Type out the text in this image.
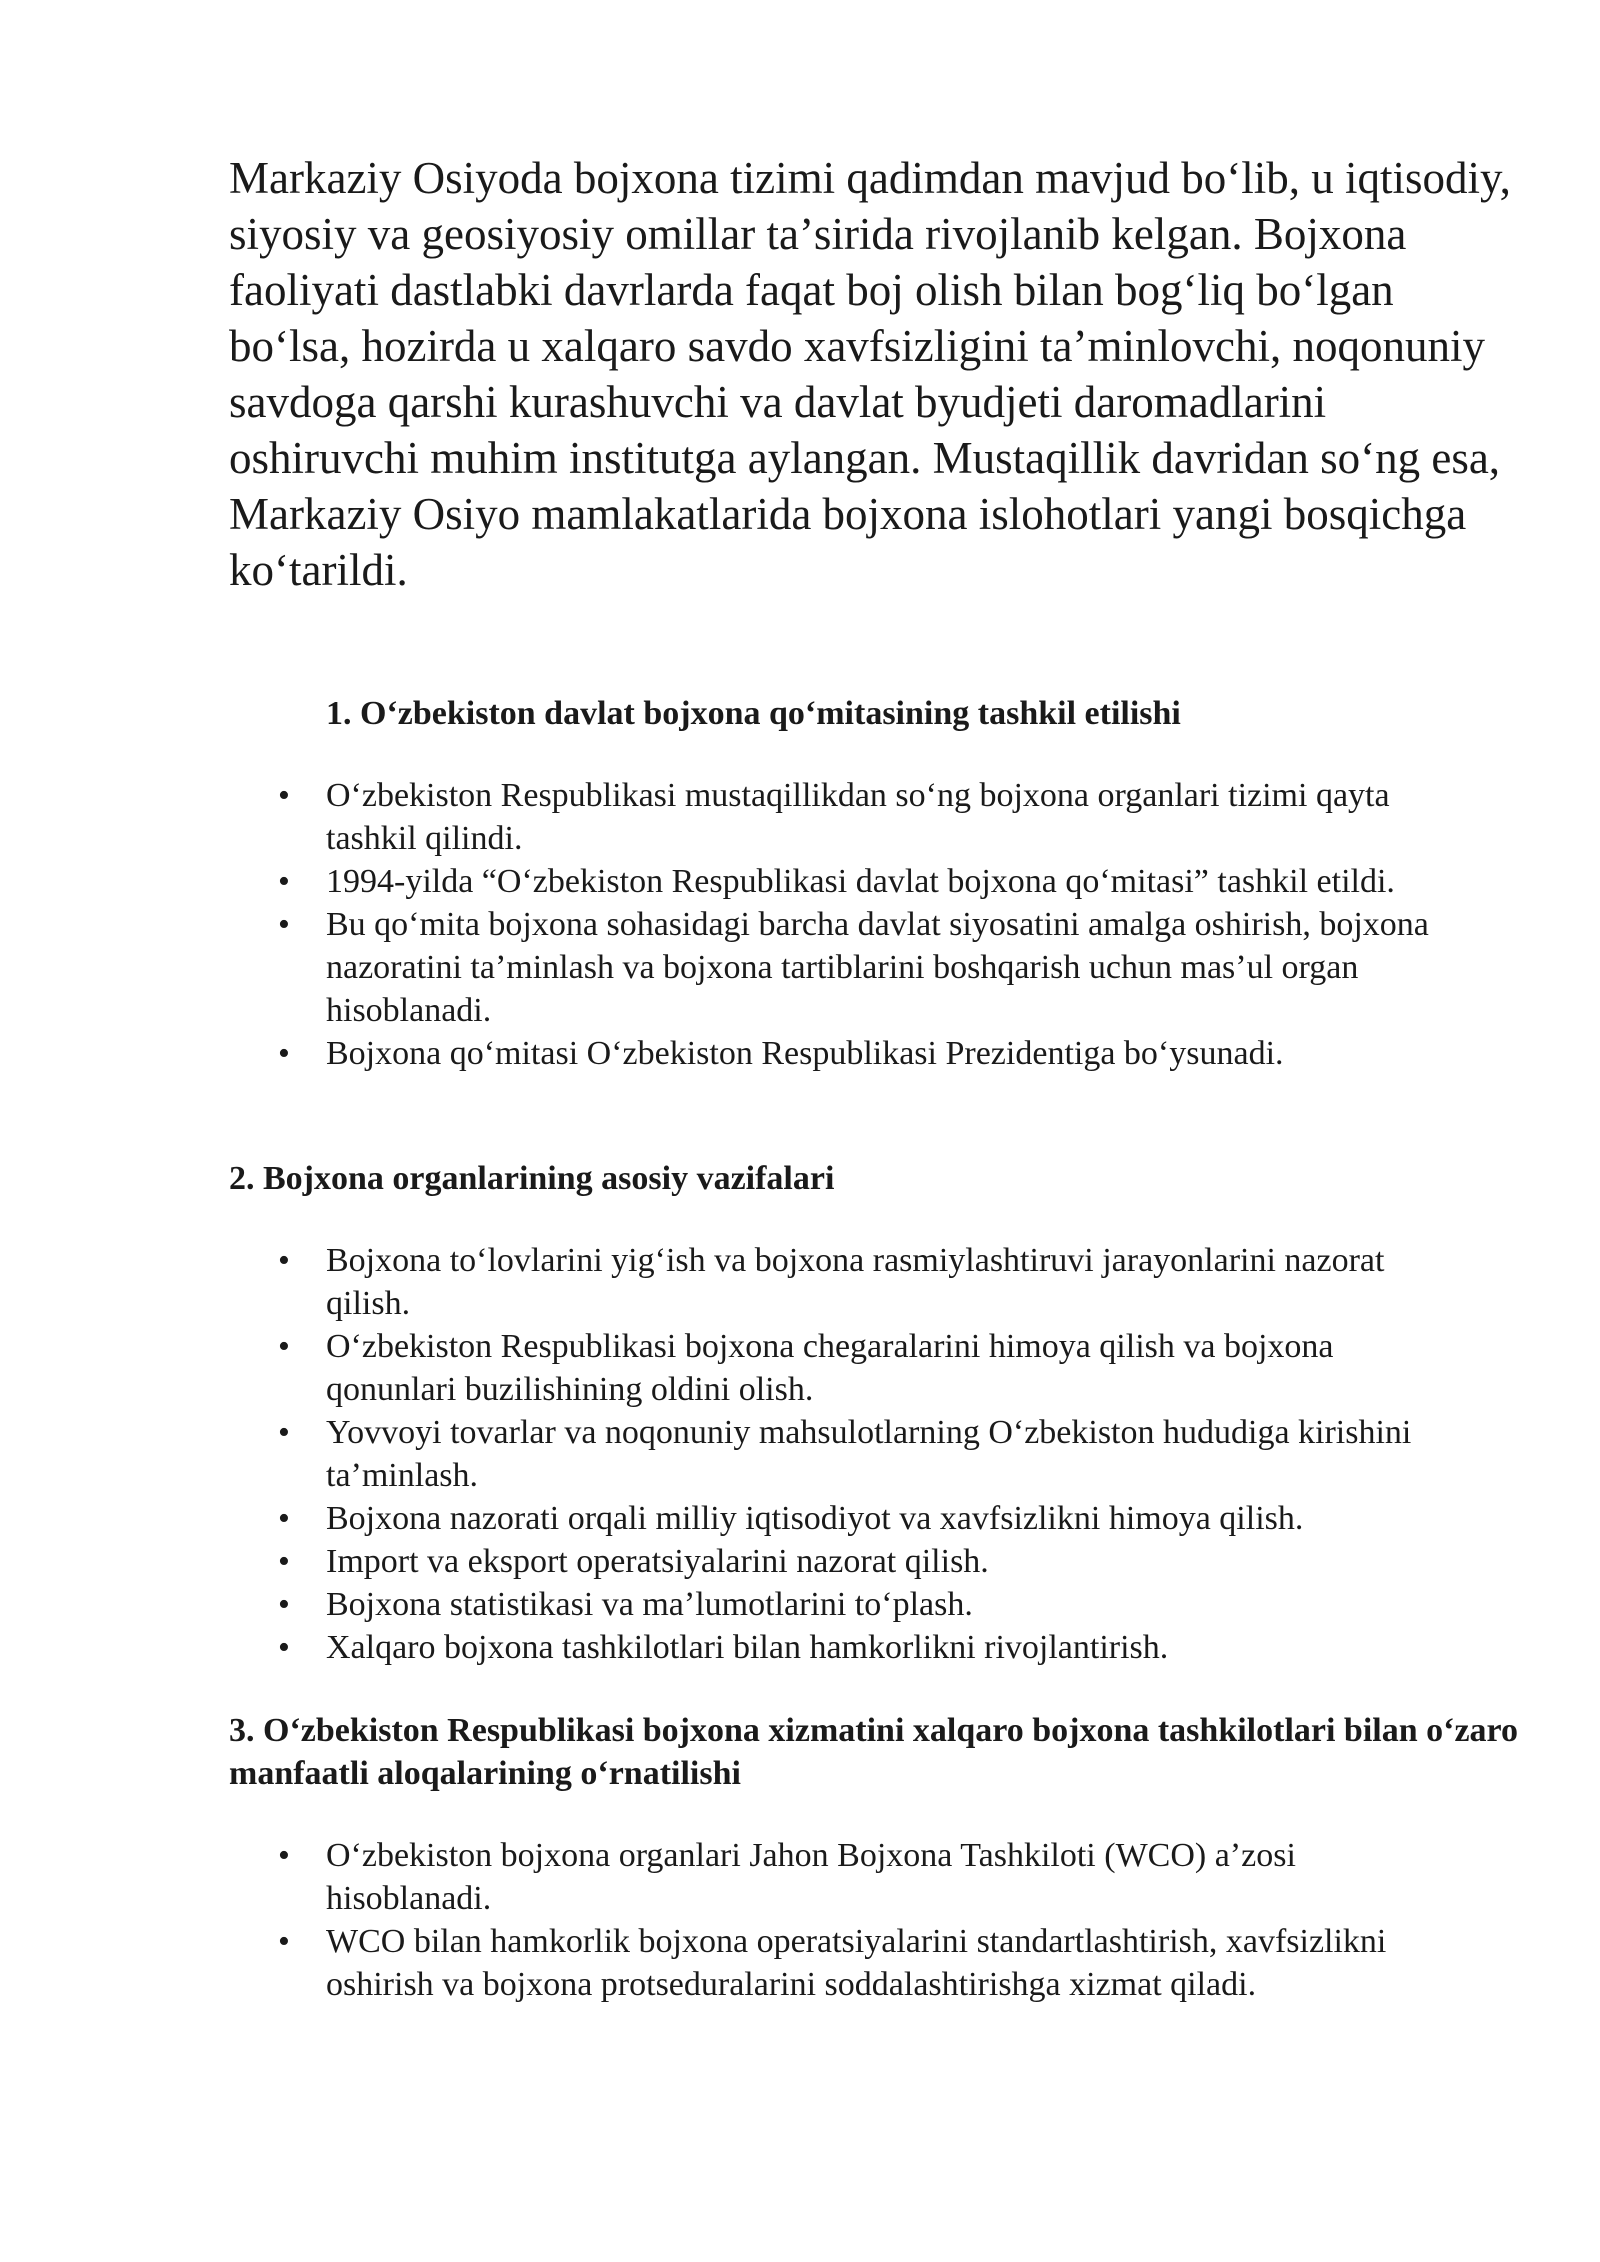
Markaziy Osiyoda bojxona tizimi qadimdan mavjud boʻlib, u iqtisodiy, siyosiy va geosiyosiy omillar taʼsirida rivojlanib kelgan. Bojxona faoliyati dastlabki davrlarda faqat boj olish bilan bogʻliq boʻlgan boʻlsa, hozirda u xalqaro savdo xavfsizligini taʼminlovchi, noqonuniy savdoga qarshi kurashuvchi va davlat byudjeti daromadlarini oshiruvchi muhim institutga aylangan. Mustaqillik davridan soʻng esa, Markaziy Osiyo mamlakatlarida bojxona islohotlari yangi bosqichga koʻtarildi.

1. Oʻzbekiston davlat bojxona qoʻmitasining tashkil etilishi
• Oʻzbekiston Respublikasi mustaqillikdan soʻng bojxona organlari tizimi qayta tashkil qilindi.
• 1994-yilda “Oʻzbekiston Respublikasi davlat bojxona qoʻmitasi” tashkil etildi.
• Bu qoʻmita bojxona sohasidagi barcha davlat siyosatini amalga oshirish, bojxona nazoratini taʼminlash va bojxona tartiblarini boshqarish uchun masʼul organ hisoblanadi.
• Bojxona qoʻmitasi Oʻzbekiston Respublikasi Prezidentiga boʻysunadi.
2. Bojxona organlarining asosiy vazifalari
• Bojxona toʻlovlarini yigʻish va bojxona rasmiylashtiruvi jarayonlarini nazorat qilish.
• Oʻzbekiston Respublikasi bojxona chegaralarini himoya qilish va bojxona qonunlari buzilishining oldini olish.
• Yovvoyi tovarlar va noqonuniy mahsulotlarning Oʻzbekiston hududiga kirishini taʼminlash.
• Bojxona nazorati orqali milliy iqtisodiyot va xavfsizlikni himoya qilish.
• Import va eksport operatsiyalarini nazorat qilish.
• Bojxona statistikasi va maʼlumotlarini toʻplash.
• Xalqaro bojxona tashkilotlari bilan hamkorlikni rivojlantirish.
3. Oʻzbekiston Respublikasi bojxona xizmatini xalqaro bojxona tashkilotlari bilan oʻzaro manfaatli aloqalarining oʻrnatilishi
• Oʻzbekiston bojxona organlari Jahon Bojxona Tashkiloti (WCO) aʼzosi hisoblanadi.
• WCO bilan hamkorlik bojxona operatsiyalarini standartlashtirish, xavfsizlikni oshirish va bojxona protseduralarini soddalashtirishga xizmat qiladi.
